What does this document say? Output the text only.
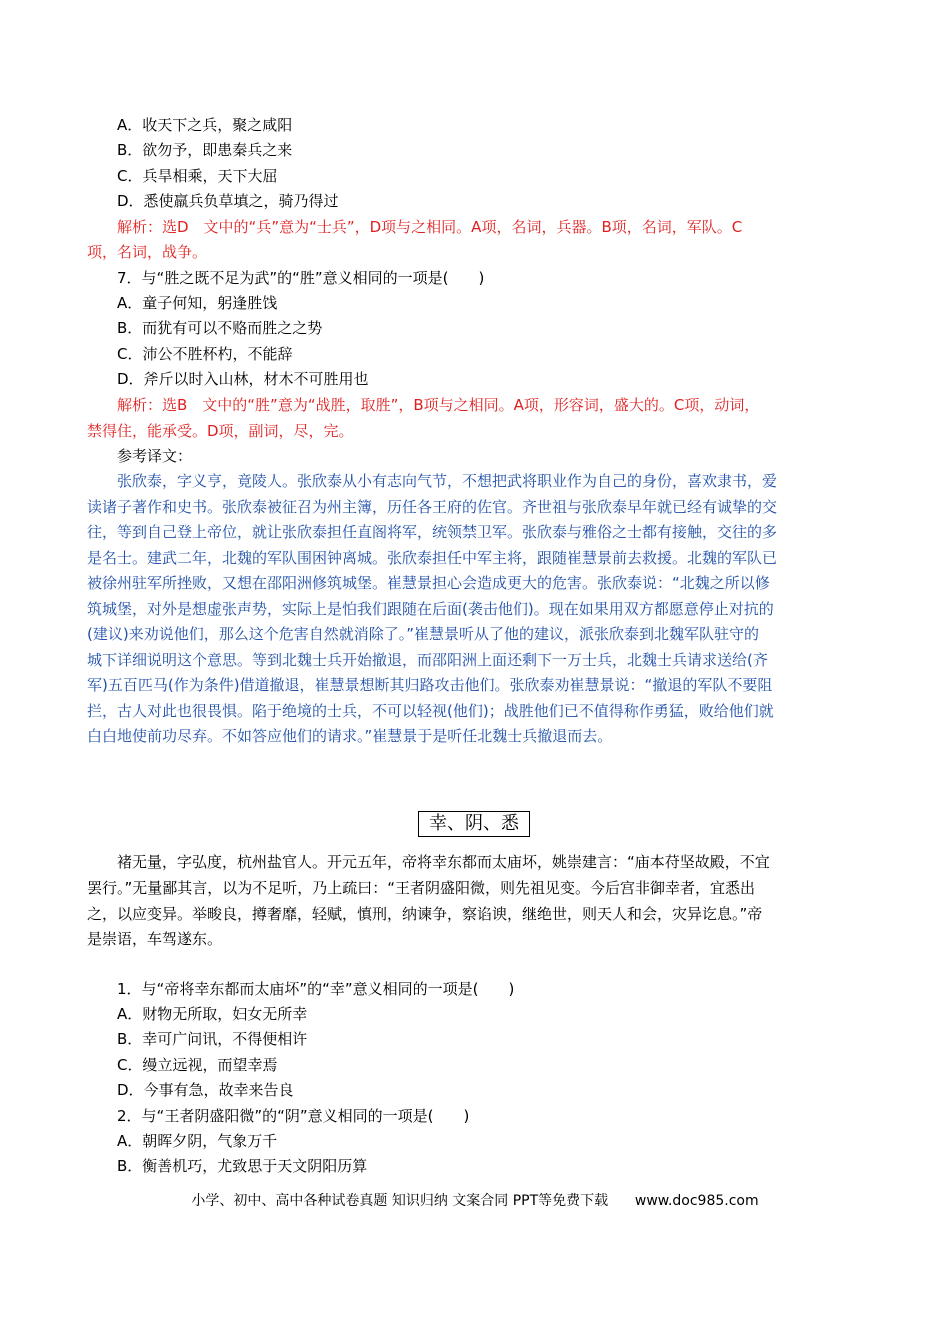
A．收天下之兵，聚之咸阳
B．欲勿予，即患秦兵之来
C．兵旱相乘，天下大屈
D．悉使羸兵负草填之，骑乃得过
解析：选D　文中的“兵”意为“士兵”，D项与之相同。A项，名词，兵器。B项，名词，军队。C
项，名词，战争。
7．与“胜之既不足为武”的“胜”意义相同的一项是(　　)
A．童子何知，躬逢胜饯
B．而犹有可以不赂而胜之之势
C．沛公不胜杯杓，不能辞
D．斧斤以时入山林，材木不可胜用也
解析：选B　文中的“胜”意为“战胜，取胜”，B项与之相同。A项，形容词，盛大的。C项，动词，
禁得住，能承受。D项，副词，尽，完。
参考译文：
张欣泰，字义亨，竟陵人。张欣泰从小有志向气节，不想把武将职业作为自己的身份，喜欢隶书，爱
读诸子著作和史书。张欣泰被征召为州主簿，历任各王府的佐官。齐世祖与张欣泰早年就已经有诚挚的交
往，等到自己登上帝位，就让张欣泰担任直阁将军，统领禁卫军。张欣泰与雅俗之士都有接触，交往的多
是名士。建武二年，北魏的军队围困钟离城。张欣泰担任中军主将，跟随崔慧景前去救援。北魏的军队已
被徐州驻军所挫败，又想在邵阳洲修筑城堡。崔慧景担心会造成更大的危害。张欣泰说：“北魏之所以修
筑城堡，对外是想虚张声势，实际上是怕我们跟随在后面(袭击他们)。现在如果用双方都愿意停止对抗的
(建议)来劝说他们，那么这个危害自然就消除了。”崔慧景听从了他的建议，派张欣泰到北魏军队驻守的
城下详细说明这个意思。等到北魏士兵开始撤退，而邵阳洲上面还剩下一万士兵，北魏士兵请求送给(齐
军)五百匹马(作为条件)借道撤退，崔慧景想断其归路攻击他们。张欣泰劝崔慧景说：“撤退的军队不要阻
拦，古人对此也很畏惧。陷于绝境的士兵，不可以轻视(他们)；战胜他们已不值得称作勇猛，败给他们就
白白地使前功尽弃。不如答应他们的请求。”崔慧景于是听任北魏士兵撤退而去。
幸、阴、悉
褚无量，字弘度，杭州盐官人。开元五年，帝将幸东都而太庙坏，姚崇建言：“庙本苻坚故殿，不宜
罢行。”无量鄙其言，以为不足听，乃上疏曰：“王者阴盛阳微，则先祖见变。今后宫非御幸者，宜悉出
之，以应变异。举畯良，撙奢靡，轻赋，慎刑，纳谏争，察谄谀，继绝世，则天人和会，灾异讫息。”帝
是崇语，车驾遂东。
1．与“帝将幸东都而太庙坏”的“幸”意义相同的一项是(　　)
A．财物无所取，妇女无所幸
B．幸可广问讯，不得便相许
C．缦立远视，而望幸焉
D．今事有急，故幸来告良
2．与“王者阴盛阳微”的“阴”意义相同的一项是(　　)
A．朝晖夕阴，气象万千
B．衡善机巧，尤致思于天文阴阳历算
小学、初中、高中各种试卷真题 知识归纳 文案合同 PPT等免费下载 www.doc985.com
